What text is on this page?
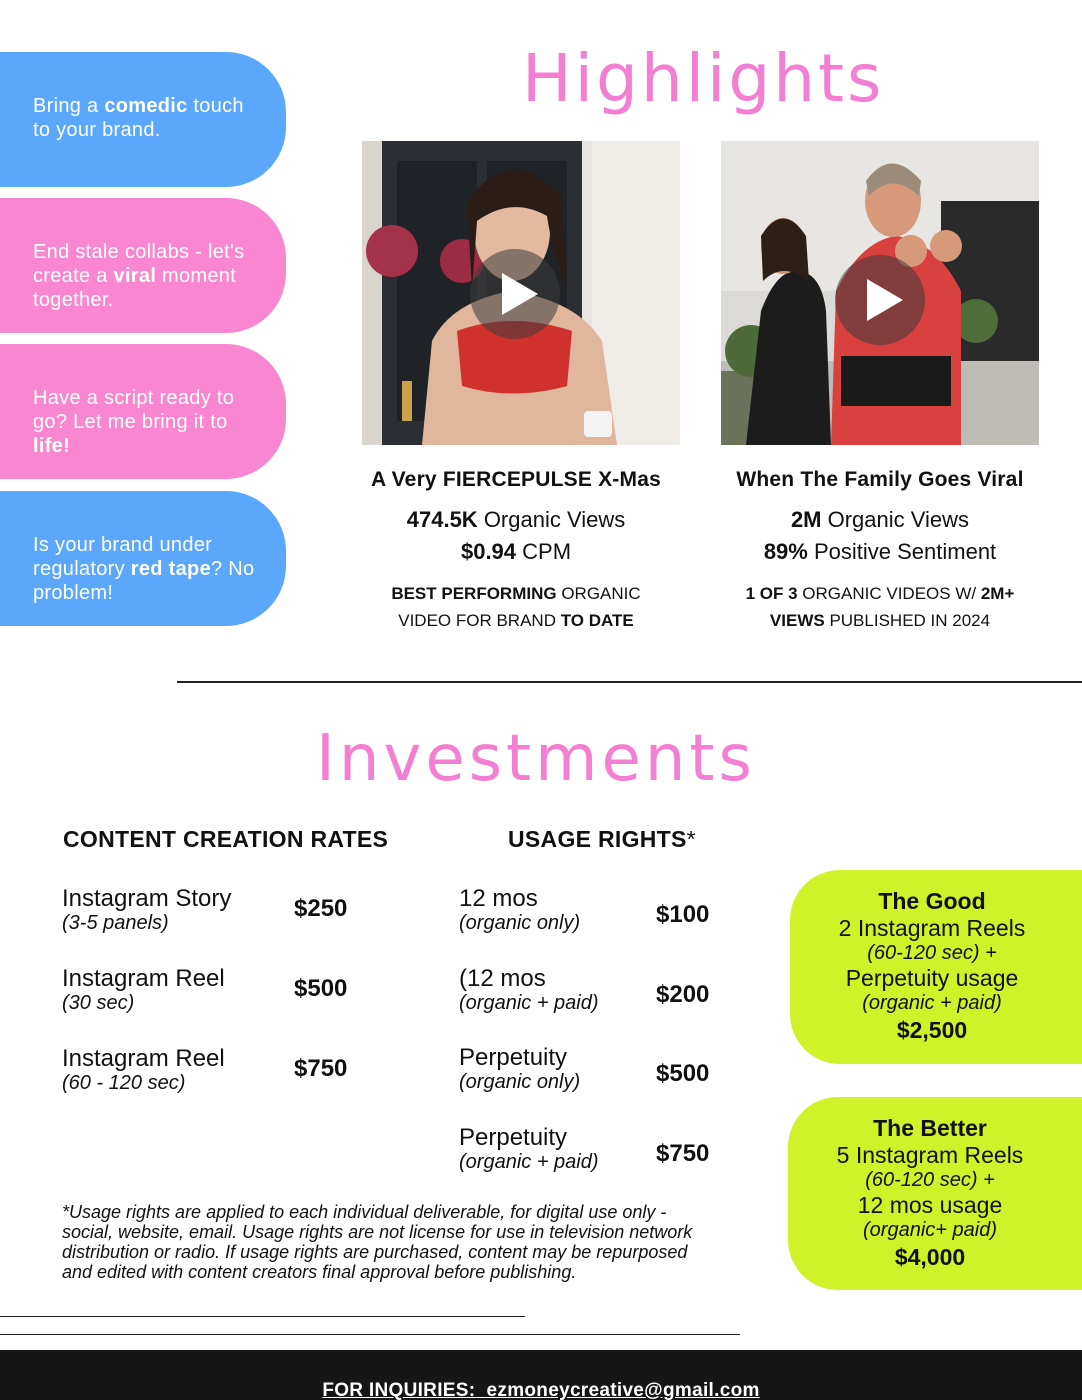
Bring a comedic touch to your brand.
End stale collabs - let's create a viral moment together.
Have a script ready to go? Let me bring it to life!
Is your brand under regulatory red tape? No problem!
Highlights
A Very FIERCEPULSE X-Mas
474.5K Organic Views
$0.94 CPM
BEST PERFORMING ORGANIC
VIDEO FOR BRAND TO DATE
When The Family Goes Viral
2M Organic Views
89% Positive Sentiment
1 OF 3 ORGANIC VIDEOS W/ 2M+
VIEWS PUBLISHED IN 2024
Investments
CONTENT CREATION RATES	USAGE RIGHTS*
Instagram Story
(3-5 panels)
$250
Instagram Reel
(30 sec)
$500
Instagram Reel
(60 - 120 sec)
$750
12 mos
(organic only)	$100
(12 mos
(organic + paid) $200
Perpetuity
(organic only)	$500
Perpetuity
(organic + paid) $750
The Good
2 Instagram Reels
(60-120 sec) +
Perpetuity usage
(organic + paid)
$2,500
The Better
5 Instagram Reels
(60-120 sec) +
12 mos usage
(organic+ paid)
$4,000
*Usage rights are applied to each individual deliverable, for digital use only - social, website, email. Usage rights are not license for use in television network distribution or radio. If usage rights are purchased, content may be repurposed and edited with content creators final approval before publishing.
FOR INQUIRIES: ezmoneycreative@gmail.com
